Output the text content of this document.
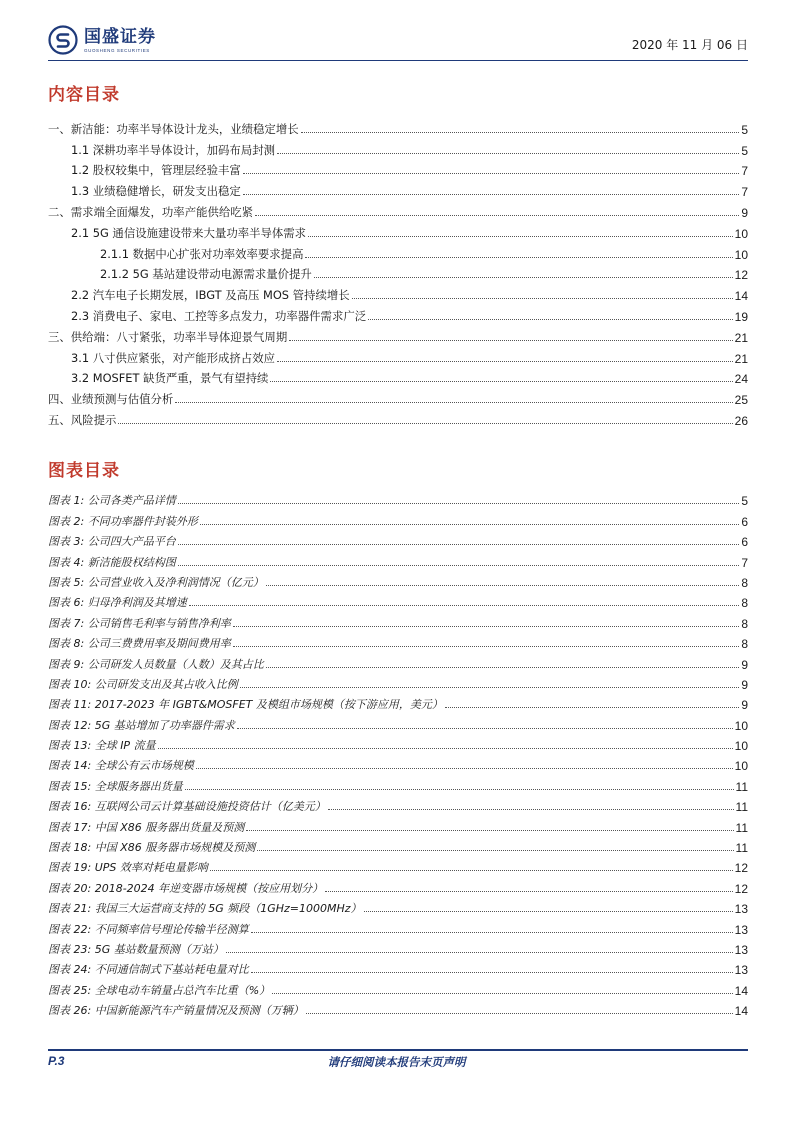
国盛证券
GUOSHENG SECURITIES	2020 年 11 月 06 日
内容目录
一、新洁能：功率半导体设计龙头，业绩稳定增长	5
1.1 深耕功率半导体设计，加码布局封测	5
1.2 股权较集中，管理层经验丰富	7
1.3 业绩稳健增长，研发支出稳定	7
二、需求端全面爆发，功率产能供给吃紧	9
2.1 5G 通信设施建设带来大量功率半导体需求	10
2.1.1 数据中心扩张对功率效率要求提高	10
2.1.2 5G 基站建设带动电源需求量价提升	12
2.2 汽车电子长期发展，IBGT 及高压 MOS 管持续增长	14
2.3 消费电子、家电、工控等多点发力，功率器件需求广泛	19
三、供给端：八寸紧张，功率半导体迎景气周期	21
3.1 八寸供应紧张，对产能形成挤占效应	21
3.2 MOSFET 缺货严重，景气有望持续	24
四、业绩预测与估值分析	25
五、风险提示	26
图表目录
图表 1: 公司各类产品详情	5
图表 2: 不同功率器件封装外形	6
图表 3: 公司四大产品平台	6
图表 4: 新洁能股权结构图	7
图表 5: 公司营业收入及净利润情况（亿元）	8
图表 6: 归母净利润及其增速	8
图表 7: 公司销售毛利率与销售净利率	8
图表 8: 公司三费费用率及期间费用率	8
图表 9: 公司研发人员数量（人数）及其占比	9
图表 10: 公司研发支出及其占收入比例	9
图表 11: 2017-2023 年 IGBT&MOSFET 及模组市场规模（按下游应用，美元）	9
图表 12: 5G 基站增加了功率器件需求	10
图表 13: 全球 IP 流量	10
图表 14: 全球公有云市场规模	10
图表 15: 全球服务器出货量	11
图表 16: 互联网公司云计算基础设施投资估计（亿美元）	11
图表 17: 中国 X86 服务器出货量及预测	11
图表 18: 中国 X86 服务器市场规模及预测	11
图表 19: UPS 效率对耗电量影响	12
图表 20: 2018-2024 年逆变器市场规模（按应用划分）	12
图表 21: 我国三大运营商支持的 5G 频段（1GHz=1000MHz）	13
图表 22: 不同频率信号理论传输半径测算	13
图表 23: 5G 基站数量预测（万站）	13
图表 24: 不同通信制式下基站耗电量对比	13
图表 25: 全球电动车销量占总汽车比重（%）	14
图表 26: 中国新能源汽车产销量情况及预测（万辆）	14
P.3	请仔细阅读本报告末页声明
